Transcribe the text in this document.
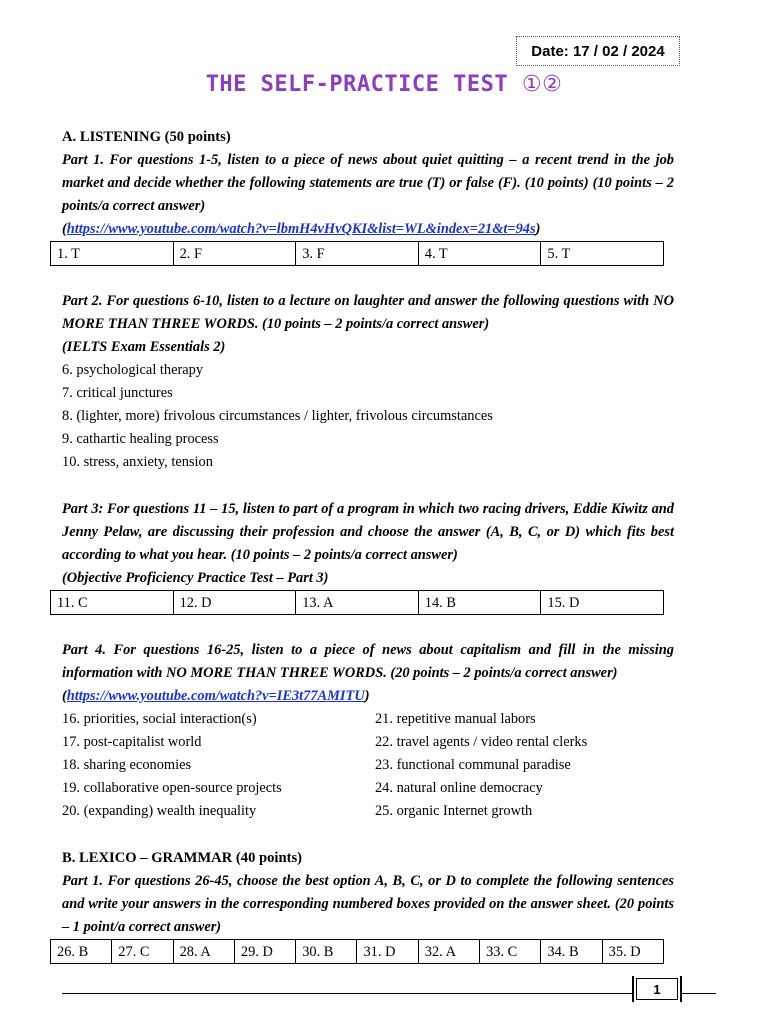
Date: 17 / 02 / 2024
THE SELF-PRACTICE TEST ①②

A. LISTENING (50 points)

Part 1. For questions 1-5, listen to a piece of news about quiet quitting – a recent trend in the job market and decide whether the following statements are true (T) or false (F). (10 points) (10 points – 2 points/a correct answer)

(https://www.youtube.com/watch?v=lbmH4vHvQKI&list=WL&index=21&t=94s)

1. T	2. F	3. F	4. T	5. T

Part 2. For questions 6-10, listen to a lecture on laughter and answer the following questions with NO MORE THAN THREE WORDS. (10 points – 2 points/a correct answer)

(IELTS Exam Essentials 2)

6. psychological therapy

7. critical junctures

8. (lighter, more) frivolous circumstances / lighter, frivolous circumstances

9. cathartic healing process

10. stress, anxiety, tension

Part 3: For questions 11 – 15, listen to part of a program in which two racing drivers, Eddie Kiwitz and Jenny Pelaw, are discussing their profession and choose the answer (A, B, C, or D) which fits best according to what you hear. (10 points – 2 points/a correct answer)

(Objective Proficiency Practice Test – Part 3)

11. C	12. D	13. A	14. B	15. D

Part 4. For questions 16-25, listen to a piece of news about capitalism and fill in the missing information with NO MORE THAN THREE WORDS. (20 points – 2 points/a correct answer)

(https://www.youtube.com/watch?v=IE3t77AMITU)

16. priorities, social interaction(s)

17. post-capitalist world

18. sharing economies

19. collaborative open-source projects

20. (expanding) wealth inequality

21. repetitive manual labors

22. travel agents / video rental clerks

23. functional communal paradise

24. natural online democracy

25. organic Internet growth

B. LEXICO – GRAMMAR (40 points)

Part 1. For questions 26-45, choose the best option A, B, C, or D to complete the following sentences and write your answers in the corresponding numbered boxes provided on the answer sheet. (20 points – 1 point/a correct answer)

26. B	27. C	28. A	29. D	30. B	31. D	32. A	33. C	34. B	35. D
1
